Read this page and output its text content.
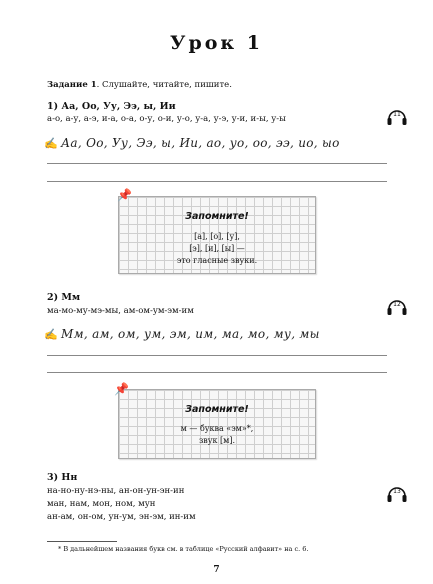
Урок 1
Задание 1. Слушайте, читайте, пишите.
1) Аа, Оо, Уу, Ээ, ы, Ии
а-о, а-у, а-э, и-а, о-а, о-у, о-и, у-о, у-а, у-э, у-и, и-ы, у-ы	11
✍ Аа, Оо, Уу, Ээ, ы, Ии, ао, уо, оо, ээ, ио, ыо
Запомните!
[а], [о], [у],
[э], [и], [ы] —
это гласные звуки.
📌
2) Мм
ма-мо-му-мэ-мы, ам-ом-ум-эм-им
12
✍ Мм, ам, ом, ум, эм, им, ма, мо, му, мы
Запомните!
м — буква «эм»*,
звук [м].
📌
3) Нн
на-но-ну-нэ-ны, ан-он-ун-эн-ин
ман, нам, мон, ном, мун
ан-ам, он-ом, ун-ум, эн-эм, ин-им
13
* В дальнейшем названия букв см. в таблице «Русский алфавит» на с. 6.
7
